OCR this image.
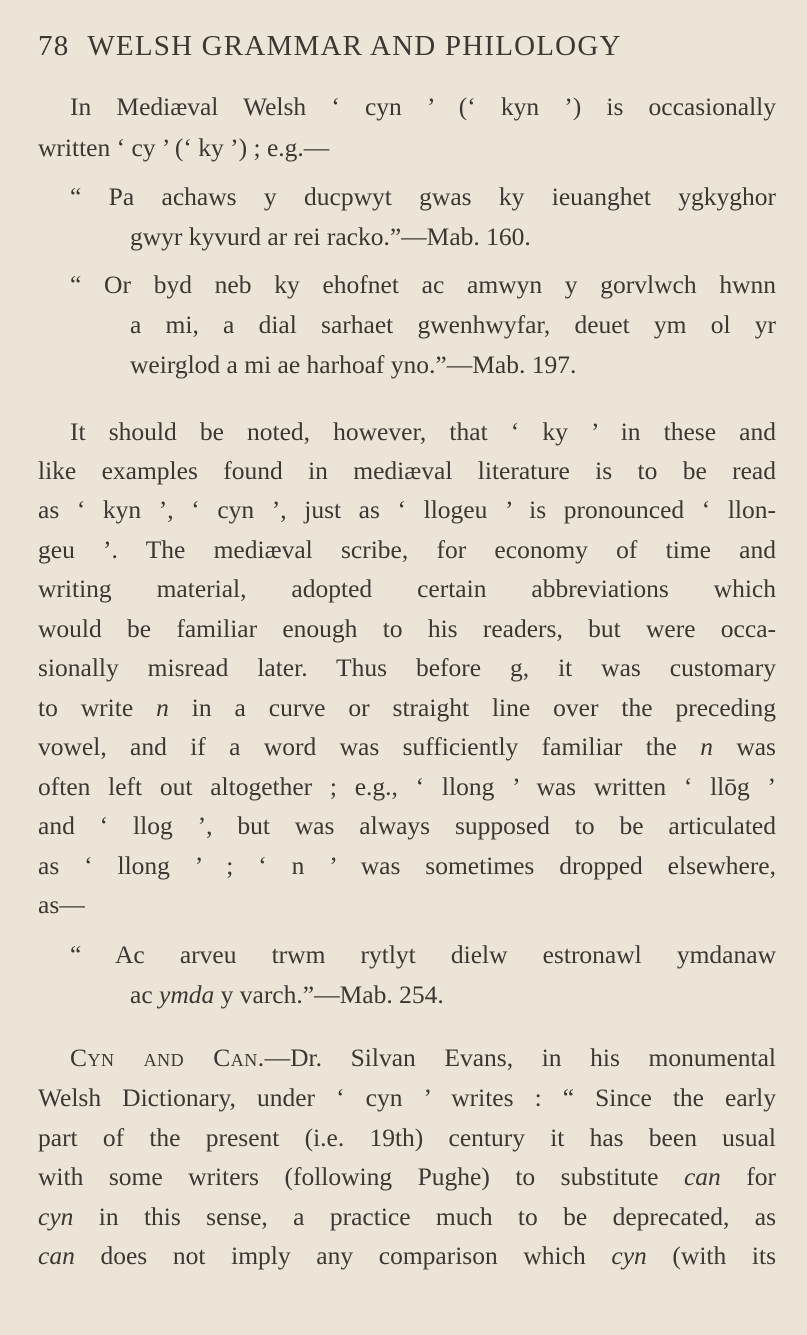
78 WELSH GRAMMAR AND PHILOLOGY
In Mediæval Welsh ‘ cyn ’ (‘ kyn ’) is occasionally
written ‘ cy ’ (‘ ky ’) ; e.g.—
“ Pa achaws y ducpwyt gwas ky ieuanghet ygkyghor
gwyr kyvurd ar rei racko.”—Mab. 160.
“ Or byd neb ky ehofnet ac amwyn y gorvlwch hwnn
a mi, a dial sarhaet gwenhwyfar, deuet ym ol yr
weirglod a mi ae harhoaf yno.”—Mab. 197.
It should be noted, however, that ‘ ky ’ in these and
like examples found in mediæval literature is to be read
as ‘ kyn ’, ‘ cyn ’, just as ‘ llogeu ’ is pronounced ‘ llon-
geu ’. The mediæval scribe, for economy of time and
writing material, adopted certain abbreviations which
would be familiar enough to his readers, but were occa-
sionally misread later. Thus before g, it was customary
to write n in a curve or straight line over the preceding
vowel, and if a word was sufficiently familiar the n was
often left out altogether ; e.g., ‘ llong ’ was written ‘ llōg ’
and ‘ llog ’, but was always supposed to be articulated
as ‘ llong ’ ; ‘ n ’ was sometimes dropped elsewhere,
as—
“ Ac arveu trwm rytlyt dielw estronawl ymdanaw
ac ymda y varch.”—Mab. 254.
Cyn and Can.—Dr. Silvan Evans, in his monumental
Welsh Dictionary, under ‘ cyn ’ writes : “ Since the early
part of the present (i.e. 19th) century it has been usual
with some writers (following Pughe) to substitute can for
cyn in this sense, a practice much to be deprecated, as
can does not imply any comparison which cyn (with its
